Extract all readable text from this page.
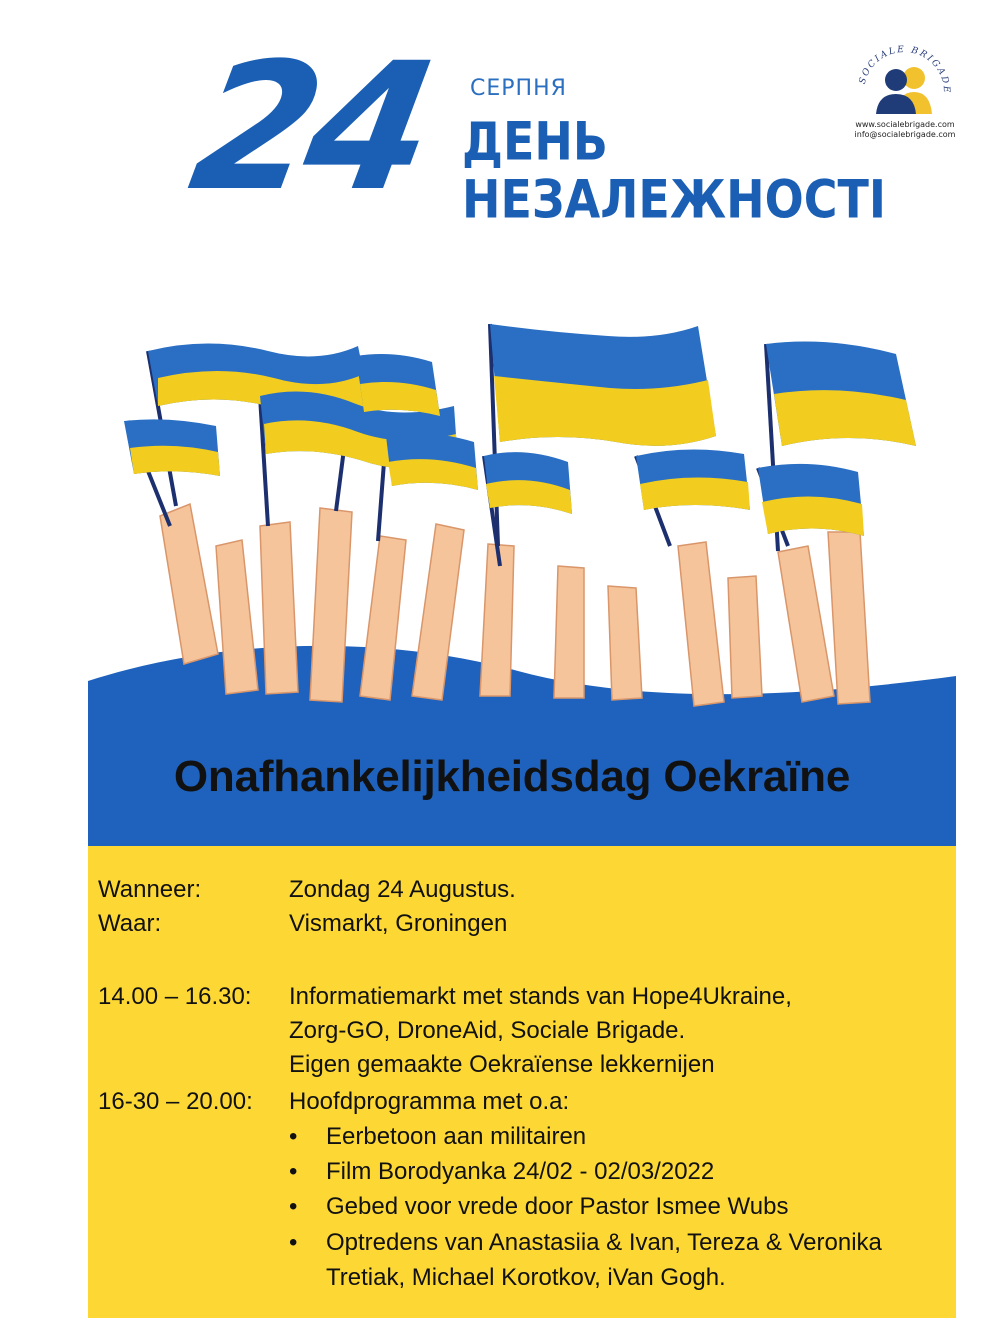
24	СЕРПНЯ
ДЕНЬ
НЕЗАЛЕЖНОСТІ
SOCIALE BRIGADE
www.socialebrigade.com
info@socialebrigade.com
Onafhankelijkheidsdag Oekraïne
Wanneer:	Zondag 24 Augustus.
Waar:	Vismarkt, Groningen
14.00 – 16.30: Informatiemarkt met stands van Hope4Ukraine,
Zorg-GO, DroneAid, Sociale Brigade.
Eigen gemaakte Oekraïense lekkernijen
16-30 – 20.00: Hoofdprogramma met o.a:
• Eerbetoon aan militairen
• Film Borodyanka 24/02 - 02/03/2022
• Gebed voor vrede door Pastor Ismee Wubs
• Optredens van Anastasiia & Ivan, Tereza & Veronika
Tretiak, Michael Korotkov, iVan Gogh.
